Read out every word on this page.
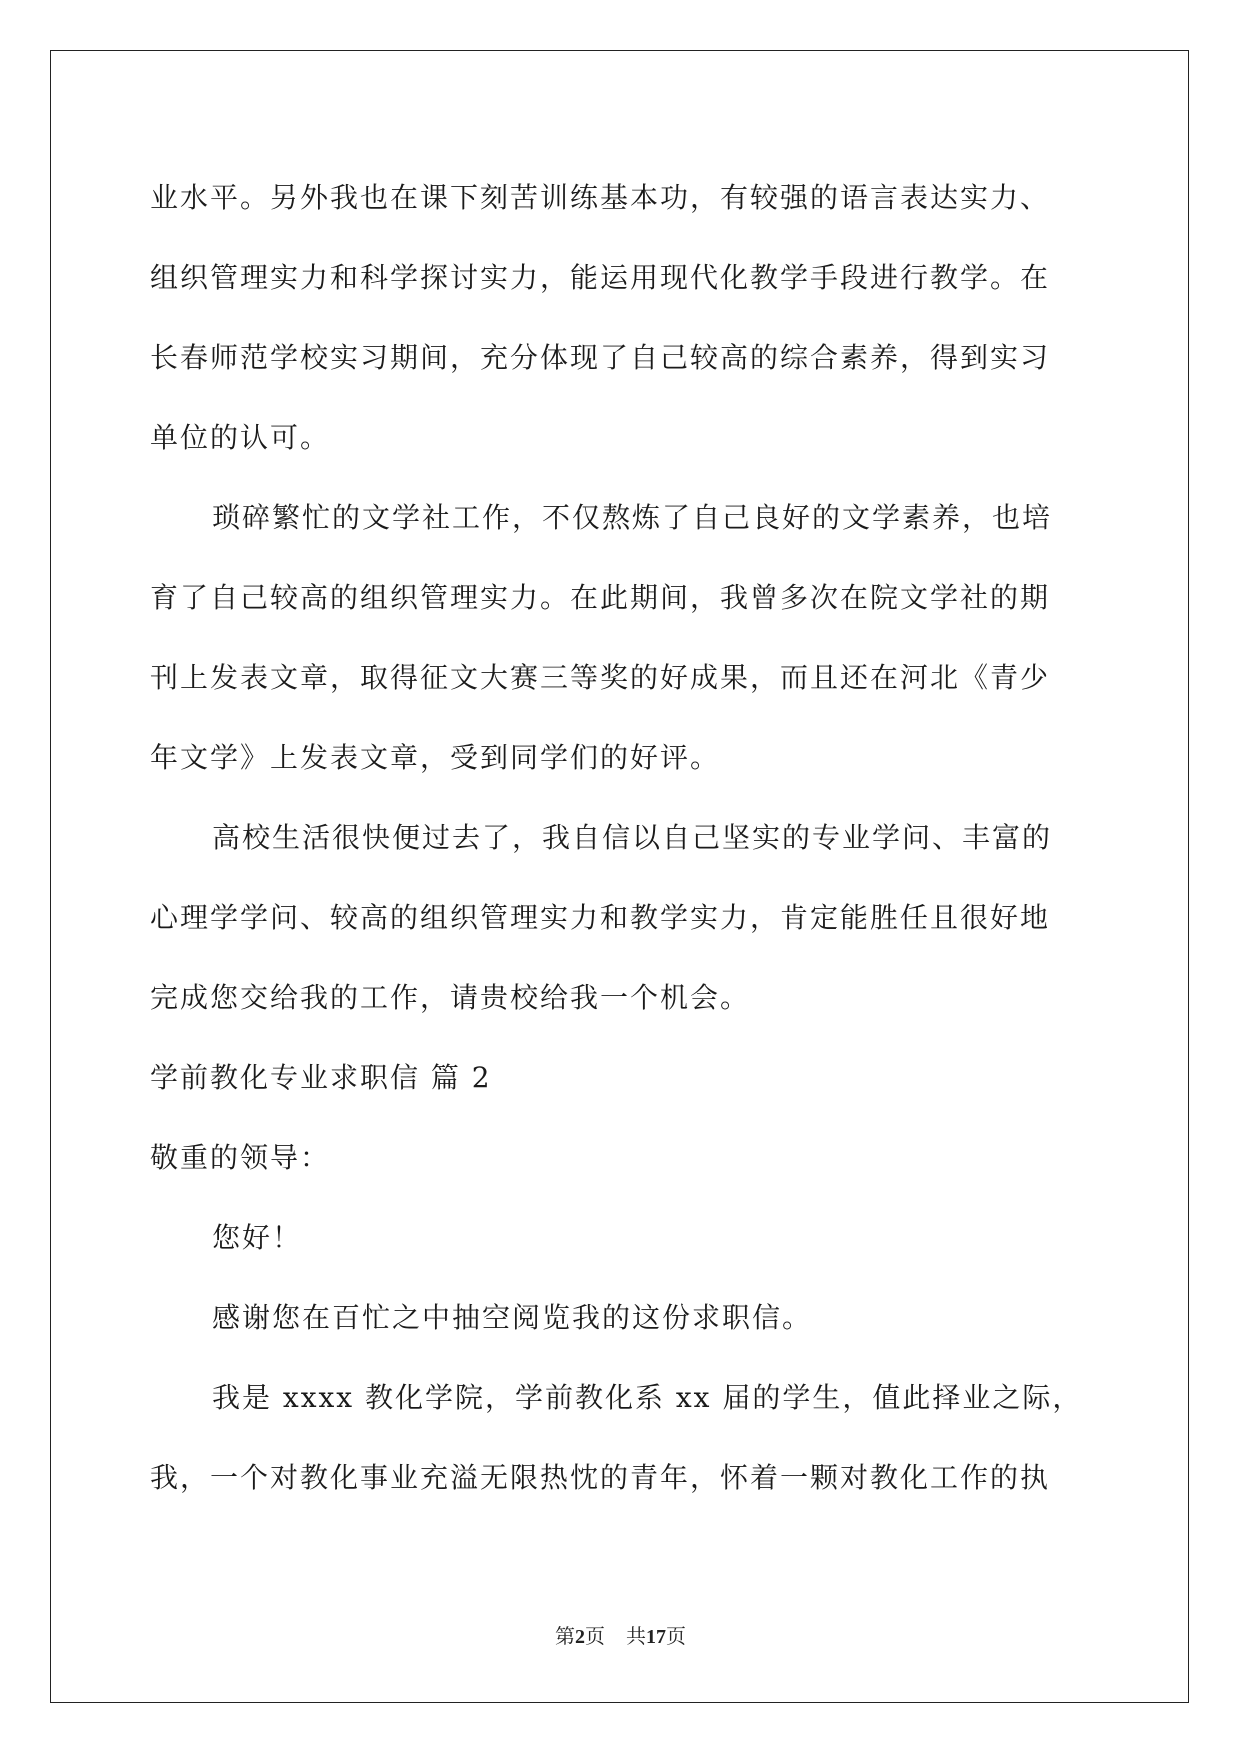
业水平。另外我也在课下刻苦训练基本功，有较强的语言表达实力、
组织管理实力和科学探讨实力，能运用现代化教学手段进行教学。在
长春师范学校实习期间，充分体现了自己较高的综合素养，得到实习
单位的认可。
琐碎繁忙的文学社工作，不仅熬炼了自己良好的文学素养，也培
育了自己较高的组织管理实力。在此期间，我曾多次在院文学社的期
刊上发表文章，取得征文大赛三等奖的好成果，而且还在河北《青少
年文学》上发表文章，受到同学们的好评。
高校生活很快便过去了，我自信以自己坚实的专业学问、丰富的
心理学学问、较高的组织管理实力和教学实力，肯定能胜任且很好地
完成您交给我的工作，请贵校给我一个机会。
学前教化专业求职信 篇 2
敬重的领导：
您好！
感谢您在百忙之中抽空阅览我的这份求职信。
我是 xxxx 教化学院，学前教化系 xx 届的学生，值此择业之际，
我，一个对教化事业充溢无限热忱的青年，怀着一颗对教化工作的执
第2页 共17页
